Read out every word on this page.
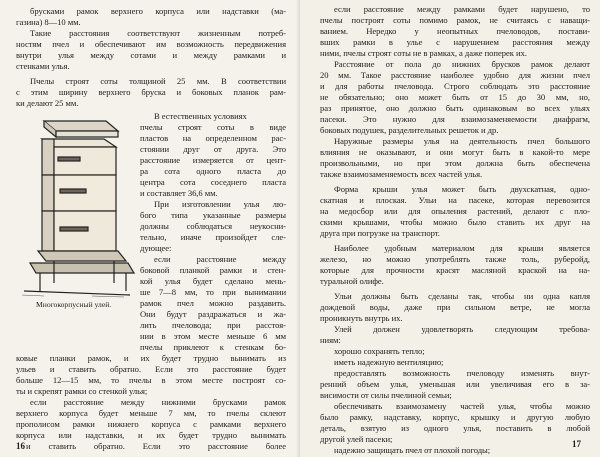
брусками рамок верхнего корпуса или надставки (ма-
газина) 8—10 мм.
Такие расстояния соответствуют жизненным потреб-
ностям пчел и обеспечивают им возможность передвижения
внутри улья между сотами и между рамками и
стенками улья.
Пчелы строят соты толщиной 25 мм. В соответствии
с этим ширину верхнего бруска и боковых планок рам-
ки делают 25 мм.
Многокорпусный улей.
В естественных условиях
пчелы строят соты в виде
пластов на определенном рас-
стоянии друг от друга. Это
расстояние измеряется от цент-
ра сота одного пласта до
центра сота соседнего пласта
и составляет 36,6 мм.
При изготовлении улья лю-
бого типа указанные размеры
должны соблюдаться неукосни-
тельно, иначе произойдет сле-
дующее:
если расстояние между
боковой планкой рамки и стен-
кой улья будет сделано мень-
ше 7—8 мм, то при вынимании
рамок пчел можно раздавить.
Они будут раздражаться и жа-
лить пчеловода; при расстоя-
нии в этом месте меньше 6 мм
пчелы приклеют к стенкам бо-
ковые планки рамок, и их будет трудно вынимать из
ульев и ставить обратно. Если это расстояние будет
больше 12—15 мм, то пчелы в этом месте построят со-
ты и скрепят рамки со стенкой улья;
если расстояние между нижними брусками рамок
верхнего корпуса будет меньше 7 мм, то пчелы склеют
прополисом рамки нижнего корпуса с рамками верхнего
корпуса или надставки, и их будет трудно вынимать
и ставить обратно. Если это расстояние более
16
если расстояние между рамками будет нарушено, то
пчелы построят соты помимо рамок, не считаясь с наващи-
ванием. Нередко у неопытных пчеловодов, постави-
вших рамки в улье с нарушением расстояния между
ними, пчелы строят соты не в рамках, а даже поперек их.
Расстояние от пола до нижних брусков рамок делают
20 мм. Такое расстояние наиболее удобно для жизни пчел
и для работы пчеловода. Строго соблюдать это расстояние
не обязательно; оно может быть от 15 до 30 мм, но,
раз принятое, оно должно быть одинаковым во всех ульях
пасеки. Это нужно для взаимозаменяемости диафрагм,
боковых подушек, разделительных решеток и др.
Наружные размеры улья на деятельность пчел большого
влияния не оказывают, и они могут быть в какой-то мере
произвольными, но при этом должна быть обеспечена
также взаимозаменяемость всех частей улья.
Форма крыши улья может быть двухскатная, одно-
скатная и плоская. Ульи на пасеке, которая перевозится
на медосбор или для опыления растений, делают с пло-
скими крышами, чтобы можно было ставить их друг на
друга при погрузке на транспорт.
Наиболее удобным материалом для крыши является
железо, но можно употреблять также толь, руберойд,
которые для прочности красят масляной краской на на-
туральной олифе.
Ульи должны быть сделаны так, чтобы ни одна капля
дождевой воды, даже при сильном ветре, не могла
проникнуть внутрь их.
Улей должен удовлетворять следующим требова-
ниям:
хорошо сохранять тепло;
иметь надежную вентиляцию;
предоставлять возможность пчеловоду изменять внут-
ренний объем улья, уменьшая или увеличивая его в за-
висимости от силы пчелиной семьи;
обеспечивать взаимозамену частей улья, чтобы можно
было рамку, надставку, корпус, крышку и другую любую
деталь, взятую из одного улья, поставить в любой
другой улей пасеки;
надежно защищать пчел от плохой погоды;
17
